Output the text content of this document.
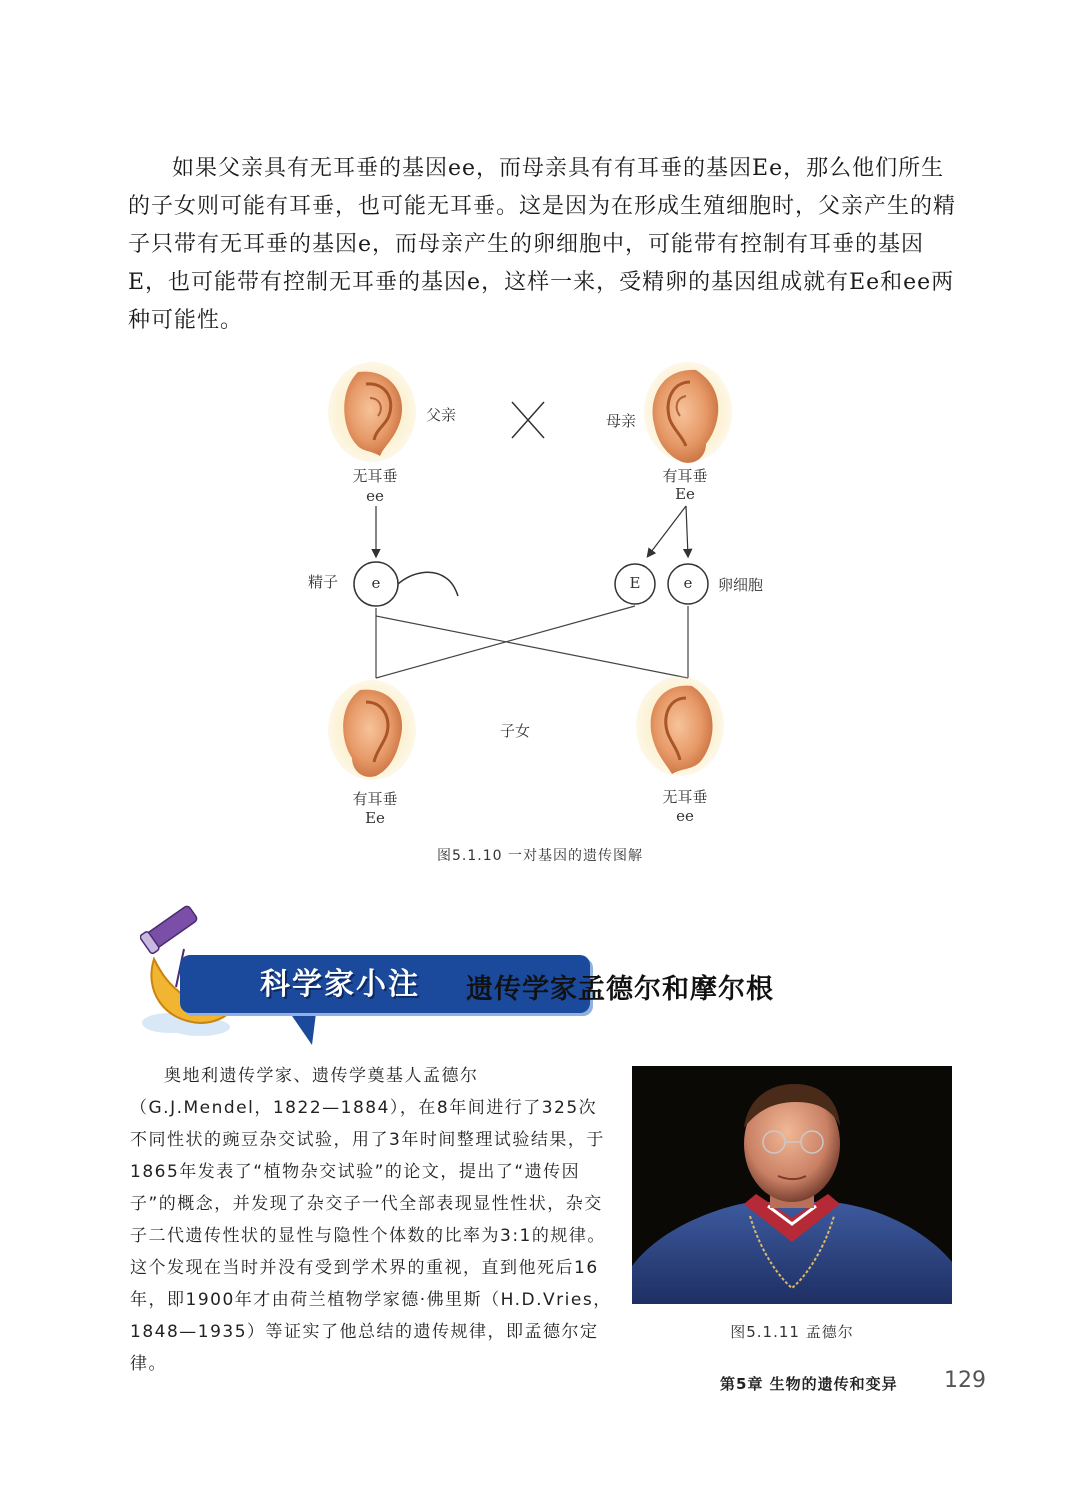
如果父亲具有无耳垂的基因ee，而母亲具有有耳垂的基因Ee，那么他们所生的子女则可能有耳垂，也可能无耳垂。这是因为在形成生殖细胞时，父亲产生的精子只带有无耳垂的基因e，而母亲产生的卵细胞中，可能带有控制有耳垂的基因E，也可能带有控制无耳垂的基因e，这样一来，受精卵的基因组成就有Ee和ee两种可能性。

父亲	母亲
无耳垂
ee
有耳垂
Ee
精子	e	E	e	卵细胞
子女
有耳垂
Ee
无耳垂
ee
图5.1.10 一对基因的遗传图解
科学家小注 遗传学家孟德尔和摩尔根

奥地利遗传学家、遗传学奠基人孟德尔（G.J.Mendel，1822—1884），在8年间进行了325次不同性状的豌豆杂交试验，用了3年时间整理试验结果，于1865年发表了“植物杂交试验”的论文，提出了“遗传因子”的概念，并发现了杂交子一代全部表现显性性状，杂交子二代遗传性状的显性与隐性个体数的比率为3:1的规律。这个发现在当时并没有受到学术界的重视，直到他死后16年，即1900年才由荷兰植物学家德·佛里斯（H.D.Vries，1848—1935）等证实了他总结的遗传规律，即孟德尔定律。

图5.1.11 孟德尔
第5章 生物的遗传和变异 129
